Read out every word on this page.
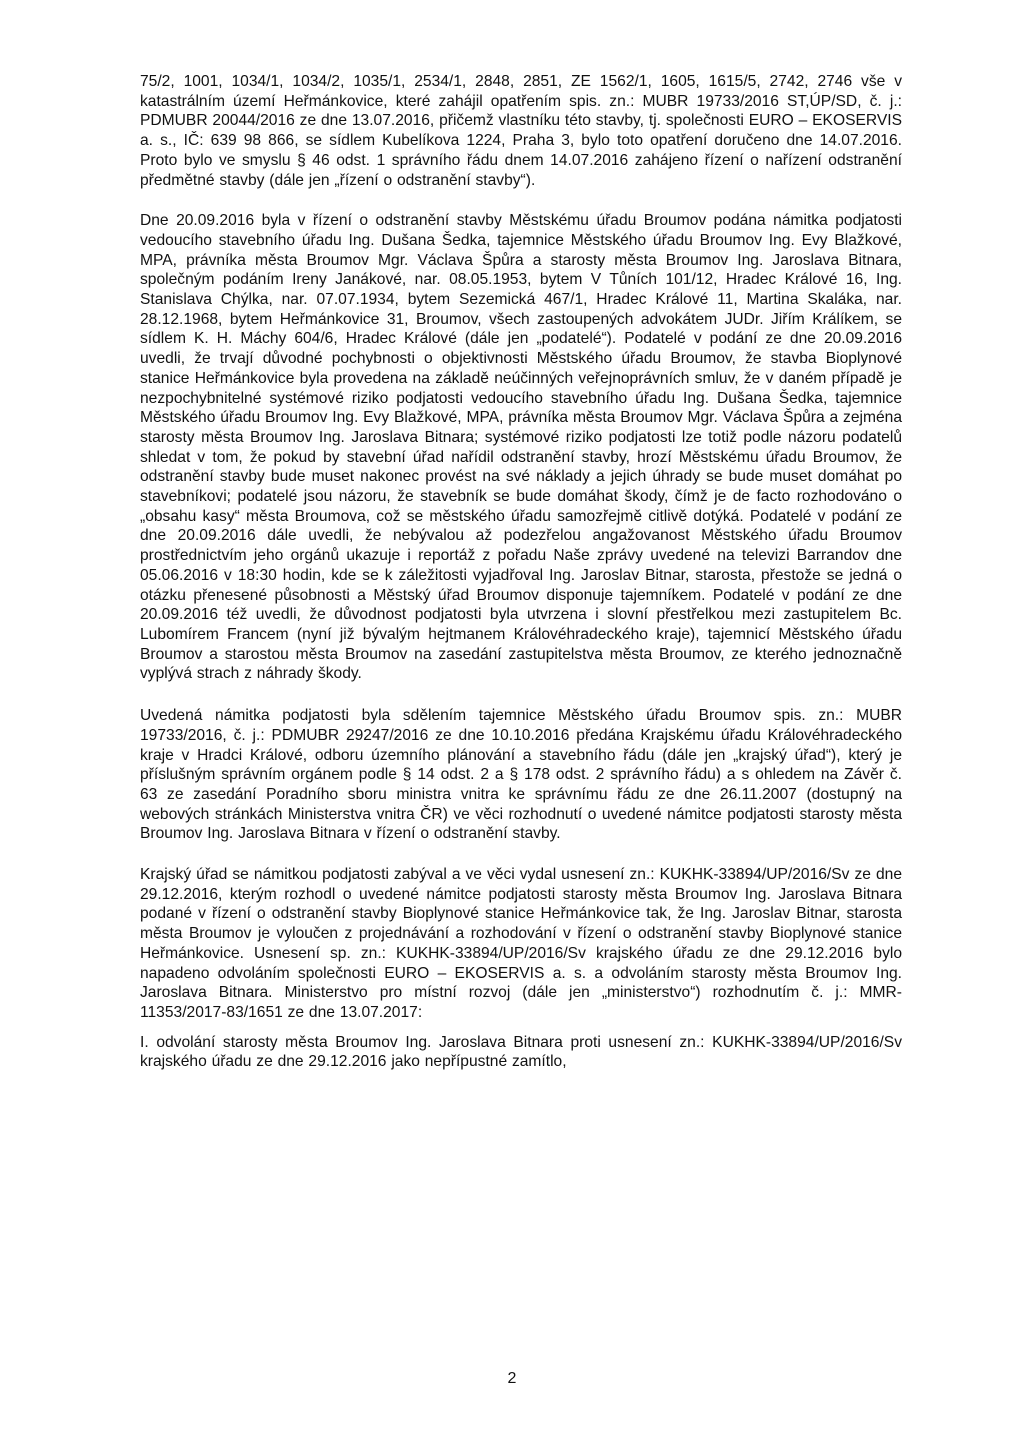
75/2, 1001, 1034/1, 1034/2, 1035/1, 2534/1, 2848, 2851, ZE 1562/1, 1605, 1615/5, 2742, 2746 vše v katastrálním území Heřmánkovice, které zahájil opatřením spis. zn.: MUBR 19733/2016 ST,ÚP/SD, č. j.: PDMUBR 20044/2016 ze dne 13.07.2016, přičemž vlastníku této stavby, tj. společnosti EURO – EKOSERVIS a. s., IČ: 639 98 866, se sídlem Kubelíkova 1224, Praha 3, bylo toto opatření doručeno dne 14.07.2016. Proto bylo ve smyslu § 46 odst. 1 správního řádu dnem 14.07.2016 zahájeno řízení o nařízení odstranění předmětné stavby (dále jen „řízení o odstranění stavby“).

Dne 20.09.2016 byla v řízení o odstranění stavby Městskému úřadu Broumov podána námitka podjatosti vedoucího stavebního úřadu Ing. Dušana Šedka, tajemnice Městského úřadu Broumov Ing. Evy Blažkové, MPA, právníka města Broumov Mgr. Václava Špůra a starosty města Broumov Ing. Jaroslava Bitnara, společným podáním Ireny Janákové, nar. 08.05.1953, bytem V Tůních 101/12, Hradec Králové 16, Ing. Stanislava Chýlka, nar. 07.07.1934, bytem Sezemická 467/1, Hradec Králové 11, Martina Skaláka, nar. 28.12.1968, bytem Heřmánkovice 31, Broumov, všech zastoupených advokátem JUDr. Jiřím Králíkem, se sídlem K. H. Máchy 604/6, Hradec Králové (dále jen „podatelé“). Podatelé v podání ze dne 20.09.2016 uvedli, že trvají důvodné pochybnosti o objektivnosti Městského úřadu Broumov, že stavba Bioplynové stanice Heřmánkovice byla provedena na základě neúčinných veřejnoprávních smluv, že v daném případě je nezpochybnitelné systémové riziko podjatosti vedoucího stavebního úřadu Ing. Dušana Šedka, tajemnice Městského úřadu Broumov Ing. Evy Blažkové, MPA, právníka města Broumov Mgr. Václava Špůra a zejména starosty města Broumov Ing. Jaroslava Bitnara; systémové riziko podjatosti lze totiž podle názoru podatelů shledat v tom, že pokud by stavební úřad nařídil odstranění stavby, hrozí Městskému úřadu Broumov, že odstranění stavby bude muset nakonec provést na své náklady a jejich úhrady se bude muset domáhat po stavebníkovi; podatelé jsou názoru, že stavebník se bude domáhat škody, čímž je de facto rozhodováno o „obsahu kasy“ města Broumova, což se městského úřadu samozřejmě citlivě dotýká. Podatelé v podání ze dne 20.09.2016 dále uvedli, že nebývalou až podezřelou angažovanost Městského úřadu Broumov prostřednictvím jeho orgánů ukazuje i reportáž z pořadu Naše zprávy uvedené na televizi Barrandov dne 05.06.2016 v 18:30 hodin, kde se k záležitosti vyjadřoval Ing. Jaroslav Bitnar, starosta, přestože se jedná o otázku přenesené působnosti a Městský úřad Broumov disponuje tajemníkem. Podatelé v podání ze dne 20.09.2016 též uvedli, že důvodnost podjatosti byla utvrzena i slovní přestřelkou mezi zastupitelem Bc. Lubomírem Francem (nyní již bývalým hejtmanem Královéhradeckého kraje), tajemnicí Městského úřadu Broumov a starostou města Broumov na zasedání zastupitelstva města Broumov, ze kterého jednoznačně vyplývá strach z náhrady škody.

Uvedená námitka podjatosti byla sdělením tajemnice Městského úřadu Broumov spis. zn.: MUBR 19733/2016, č. j.: PDMUBR 29247/2016 ze dne 10.10.2016 předána Krajskému úřadu Královéhradeckého kraje v Hradci Králové, odboru územního plánování a stavebního řádu (dále jen „krajský úřad“), který je příslušným správním orgánem podle § 14 odst. 2 a § 178 odst. 2 správního řádu) a s ohledem na Závěr č. 63 ze zasedání Poradního sboru ministra vnitra ke správnímu řádu ze dne 26.11.2007 (dostupný na webových stránkách Ministerstva vnitra ČR) ve věci rozhodnutí o uvedené námitce podjatosti starosty města Broumov Ing. Jaroslava Bitnara v řízení o odstranění stavby.

Krajský úřad se námitkou podjatosti zabýval a ve věci vydal usnesení zn.: KUKHK-33894/UP/2016/Sv ze dne 29.12.2016, kterým rozhodl o uvedené námitce podjatosti starosty města Broumov Ing. Jaroslava Bitnara podané v řízení o odstranění stavby Bioplynové stanice Heřmánkovice tak, že Ing. Jaroslav Bitnar, starosta města Broumov je vyloučen z projednávání a rozhodování v řízení o odstranění stavby Bioplynové stanice Heřmánkovice. Usnesení sp. zn.: KUKHK-33894/UP/2016/Sv krajského úřadu ze dne 29.12.2016 bylo napadeno odvoláním společnosti EURO – EKOSERVIS a. s. a odvoláním starosty města Broumov Ing. Jaroslava Bitnara. Ministerstvo pro místní rozvoj (dále jen „ministerstvo“) rozhodnutím č. j.: MMR-11353/2017-83/1651 ze dne 13.07.2017:

I. odvolání starosty města Broumov Ing. Jaroslava Bitnara proti usnesení zn.: KUKHK-33894/UP/2016/Sv krajského úřadu ze dne 29.12.2016 jako nepřípustné zamítlo,

2
